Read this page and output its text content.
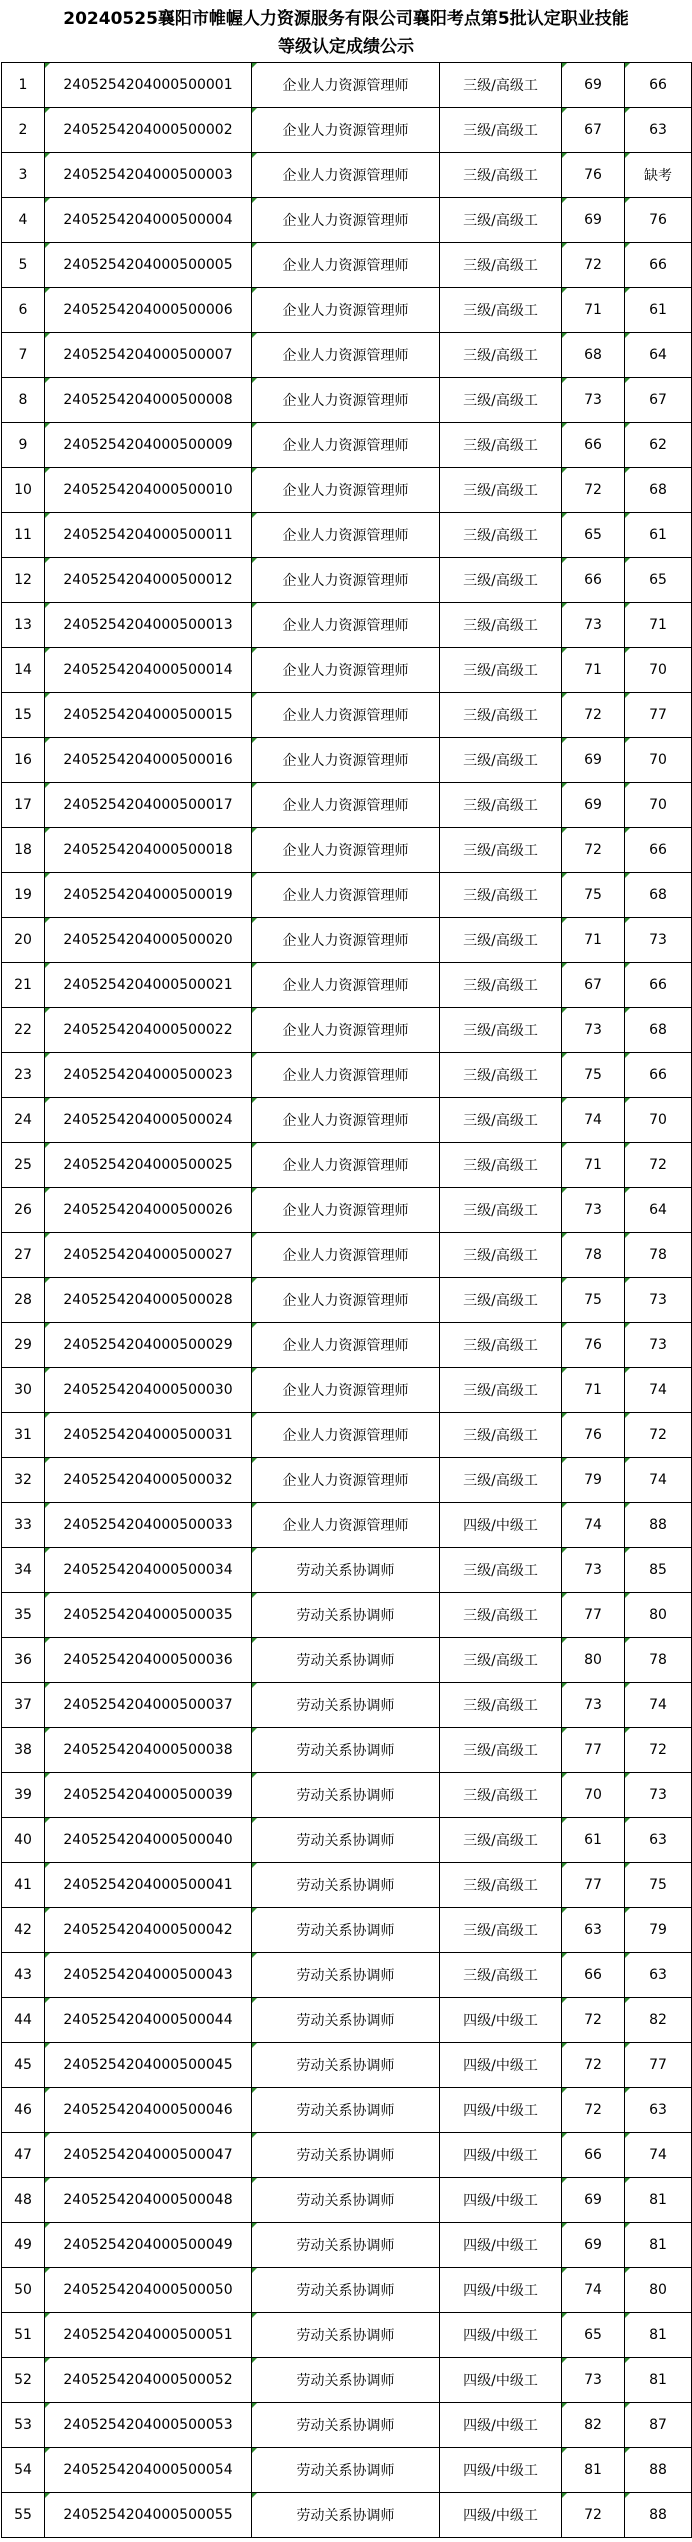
20240525襄阳市帷幄人力资源服务有限公司襄阳考点第5批认定职业技能
等级认定成绩公示
1	2405254204000500001	企业人力资源管理师	三级/高级工	69	66
2	2405254204000500002	企业人力资源管理师	三级/高级工	67	63
3	2405254204000500003	企业人力资源管理师	三级/高级工	76	缺考
4	2405254204000500004	企业人力资源管理师	三级/高级工	69	76
5	2405254204000500005	企业人力资源管理师	三级/高级工	72	66
6	2405254204000500006	企业人力资源管理师	三级/高级工	71	61
7	2405254204000500007	企业人力资源管理师	三级/高级工	68	64
8	2405254204000500008	企业人力资源管理师	三级/高级工	73	67
9	2405254204000500009	企业人力资源管理师	三级/高级工	66	62
10	2405254204000500010	企业人力资源管理师	三级/高级工	72	68
11	2405254204000500011	企业人力资源管理师	三级/高级工	65	61
12	2405254204000500012	企业人力资源管理师	三级/高级工	66	65
13	2405254204000500013	企业人力资源管理师	三级/高级工	73	71
14	2405254204000500014	企业人力资源管理师	三级/高级工	71	70
15	2405254204000500015	企业人力资源管理师	三级/高级工	72	77
16	2405254204000500016	企业人力资源管理师	三级/高级工	69	70
17	2405254204000500017	企业人力资源管理师	三级/高级工	69	70
18	2405254204000500018	企业人力资源管理师	三级/高级工	72	66
19	2405254204000500019	企业人力资源管理师	三级/高级工	75	68
20	2405254204000500020	企业人力资源管理师	三级/高级工	71	73
21	2405254204000500021	企业人力资源管理师	三级/高级工	67	66
22	2405254204000500022	企业人力资源管理师	三级/高级工	73	68
23	2405254204000500023	企业人力资源管理师	三级/高级工	75	66
24	2405254204000500024	企业人力资源管理师	三级/高级工	74	70
25	2405254204000500025	企业人力资源管理师	三级/高级工	71	72
26	2405254204000500026	企业人力资源管理师	三级/高级工	73	64
27	2405254204000500027	企业人力资源管理师	三级/高级工	78	78
28	2405254204000500028	企业人力资源管理师	三级/高级工	75	73
29	2405254204000500029	企业人力资源管理师	三级/高级工	76	73
30	2405254204000500030	企业人力资源管理师	三级/高级工	71	74
31	2405254204000500031	企业人力资源管理师	三级/高级工	76	72
32	2405254204000500032	企业人力资源管理师	三级/高级工	79	74
33	2405254204000500033	企业人力资源管理师	四级/中级工	74	88
34	2405254204000500034	劳动关系协调师	三级/高级工	73	85
35	2405254204000500035	劳动关系协调师	三级/高级工	77	80
36	2405254204000500036	劳动关系协调师	三级/高级工	80	78
37	2405254204000500037	劳动关系协调师	三级/高级工	73	74
38	2405254204000500038	劳动关系协调师	三级/高级工	77	72
39	2405254204000500039	劳动关系协调师	三级/高级工	70	73
40	2405254204000500040	劳动关系协调师	三级/高级工	61	63
41	2405254204000500041	劳动关系协调师	三级/高级工	77	75
42	2405254204000500042	劳动关系协调师	三级/高级工	63	79
43	2405254204000500043	劳动关系协调师	三级/高级工	66	63
44	2405254204000500044	劳动关系协调师	四级/中级工	72	82
45	2405254204000500045	劳动关系协调师	四级/中级工	72	77
46	2405254204000500046	劳动关系协调师	四级/中级工	72	63
47	2405254204000500047	劳动关系协调师	四级/中级工	66	74
48	2405254204000500048	劳动关系协调师	四级/中级工	69	81
49	2405254204000500049	劳动关系协调师	四级/中级工	69	81
50	2405254204000500050	劳动关系协调师	四级/中级工	74	80
51	2405254204000500051	劳动关系协调师	四级/中级工	65	81
52	2405254204000500052	劳动关系协调师	四级/中级工	73	81
53	2405254204000500053	劳动关系协调师	四级/中级工	82	87
54	2405254204000500054	劳动关系协调师	四级/中级工	81	88
55	2405254204000500055	劳动关系协调师	四级/中级工	72	88
